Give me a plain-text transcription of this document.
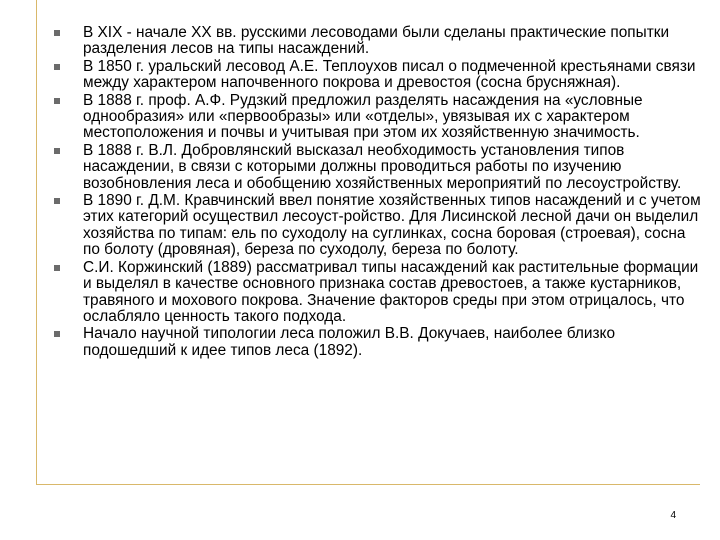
В XIX - начале XX вв. русскими лесоводами были сделаны практические попытки разделения лесов на типы насаждений.
В 1850 г. уральский лесовод А.Е. Теплоухов писал о подмеченной крестьянами связи между характером напочвенного покрова и древостоя (сосна брусняжная).
В 1888 г. проф. А.Ф. Рудзкий предложил разделять насаждения на «условные однообразия» или «первообразы» или «отделы», увязывая их с характером местоположения и почвы и учитывая при этом их хозяйственную значимость.
В 1888 г. В.Л. Добровлянский высказал необходимость установления типов насаждении, в связи с которыми должны проводиться работы по изучению возобновления леса и обобщению хозяйственных мероприятий по лесоустройству.
В 1890 г. Д.М. Кравчинский ввел понятие хозяйственных типов насаждений и с учетом этих категорий осуществил лесоуст-ройство. Для Лисинской лесной дачи он выделил хозяйства по типам: ель по суходолу на суглинках, сосна боровая (строевая), сосна по болоту (дровяная), береза по суходолу, береза по болоту.
С.И. Коржинский (1889) рассматривал типы насаждений как растительные формации и выделял в качестве основного признака состав древостоев, а также кустарников, травяного и мохового покрова. Значение факторов среды при этом отрицалось, что ослабляло ценность такого подхода.
Начало научной типологии леса положил В.В. Докучаев, наиболее близко подошедший к идее типов леса (1892).
4
